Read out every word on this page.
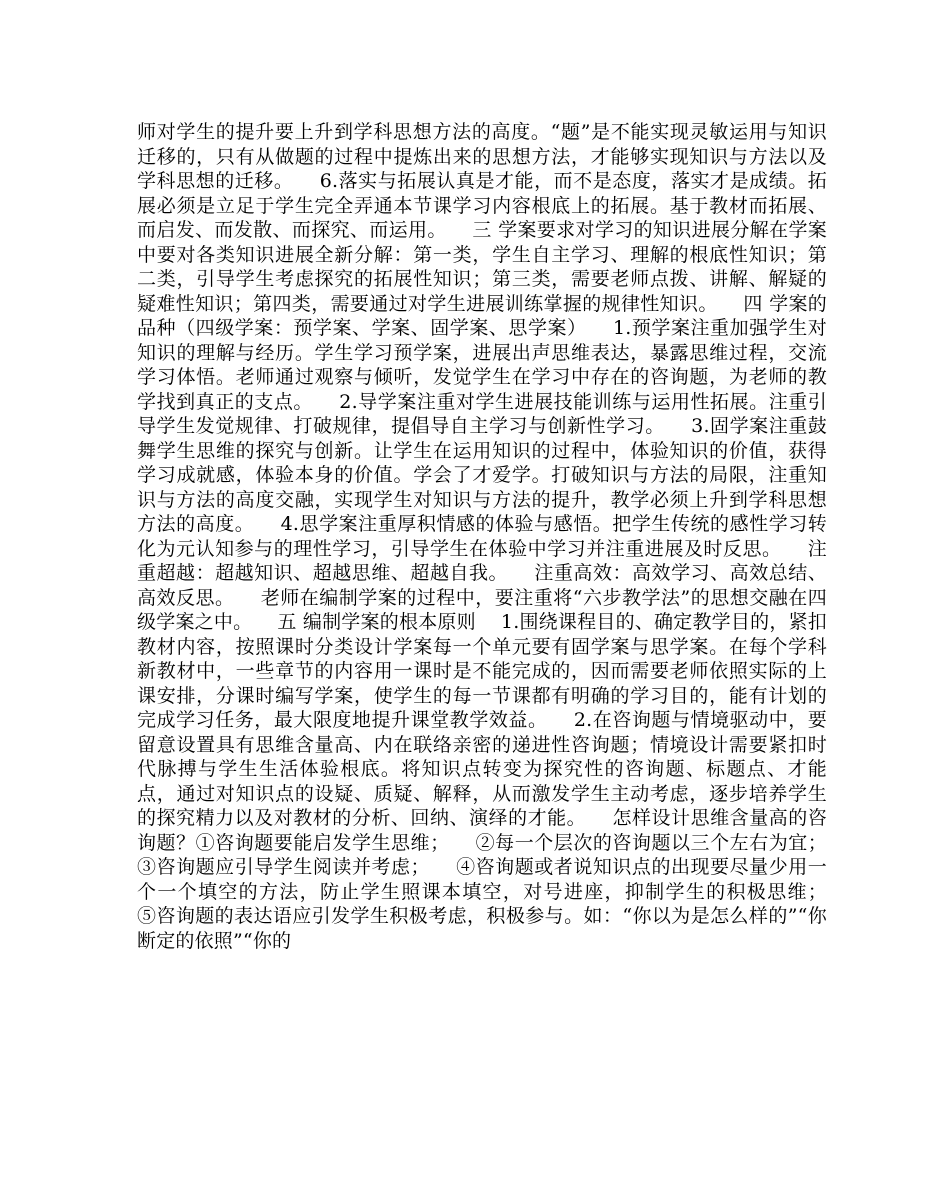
师对学生的提升要上升到学科思想方法的高度。“题”是不能实现灵敏运用与知识迁移的，只有从做题的过程中提炼出来的思想方法，才能够实现知识与方法以及学科思想的迁移。    6.落实与拓展认真是才能，而不是态度，落实才是成绩。拓展必须是立足于学生完全弄通本节课学习内容根底上的拓展。基于教材而拓展、而启发、而发散、而探究、而运用。    三 学案要求对学习的知识进展分解在学案中要对各类知识进展全新分解：第一类，学生自主学习、理解的根底性知识；第二类，引导学生考虑探究的拓展性知识；第三类，需要老师点拨、讲解、解疑的疑难性知识；第四类，需要通过对学生进展训练掌握的规律性知识。    四 学案的品种（四级学案：预学案、学案、固学案、思学案）    1.预学案注重加强学生对知识的理解与经历。学生学习预学案，进展出声思维表达，暴露思维过程，交流学习体悟。老师通过观察与倾听，发觉学生在学习中存在的咨询题，为老师的教学找到真正的支点。    2.导学案注重对学生进展技能训练与运用性拓展。注重引导学生发觉规律、打破规律，提倡导自主学习与创新性学习。    3.固学案注重鼓舞学生思维的探究与创新。让学生在运用知识的过程中，体验知识的价值，获得学习成就感，体验本身的价值。学会了才爱学。打破知识与方法的局限，注重知识与方法的高度交融，实现学生对知识与方法的提升，教学必须上升到学科思想方法的高度。    4.思学案注重厚积情感的体验与感悟。把学生传统的感性学习转化为元认知参与的理性学习，引导学生在体验中学习并注重进展及时反思。    注重超越：超越知识、超越思维、超越自我。    注重高效：高效学习、高效总结、高效反思。    老师在编制学案的过程中，要注重将“六步教学法”的思想交融在四级学案之中。    五 编制学案的根本原则    1.围绕课程目的、确定教学目的，紧扣教材内容，按照课时分类设计学案每一个单元要有固学案与思学案。在每个学科新教材中，一些章节的内容用一课时是不能完成的，因而需要老师依照实际的上课安排，分课时编写学案，使学生的每一节课都有明确的学习目的，能有计划的完成学习任务，最大限度地提升课堂教学效益。    2.在咨询题与情境驱动中，要留意设置具有思维含量高、内在联络亲密的递进性咨询题；情境设计需要紧扣时代脉搏与学生生活体验根底。将知识点转变为探究性的咨询题、标题点、才能点，通过对知识点的设疑、质疑、解释，从而激发学生主动考虑，逐步培养学生的探究精力以及对教材的分析、回纳、演绎的才能。    怎样设计思维含量高的咨询题？①咨询题要能启发学生思维；    ②每一个层次的咨询题以三个左右为宜；    ③咨询题应引导学生阅读并考虑；    ④咨询题或者说知识点的出现要尽量少用一个一个填空的方法，防止学生照课本填空，对号进座，抑制学生的积极思维；    ⑤咨询题的表达语应引发学生积极考虑，积极参与。如：“你以为是怎么样的”“你断定的依照”“你的
